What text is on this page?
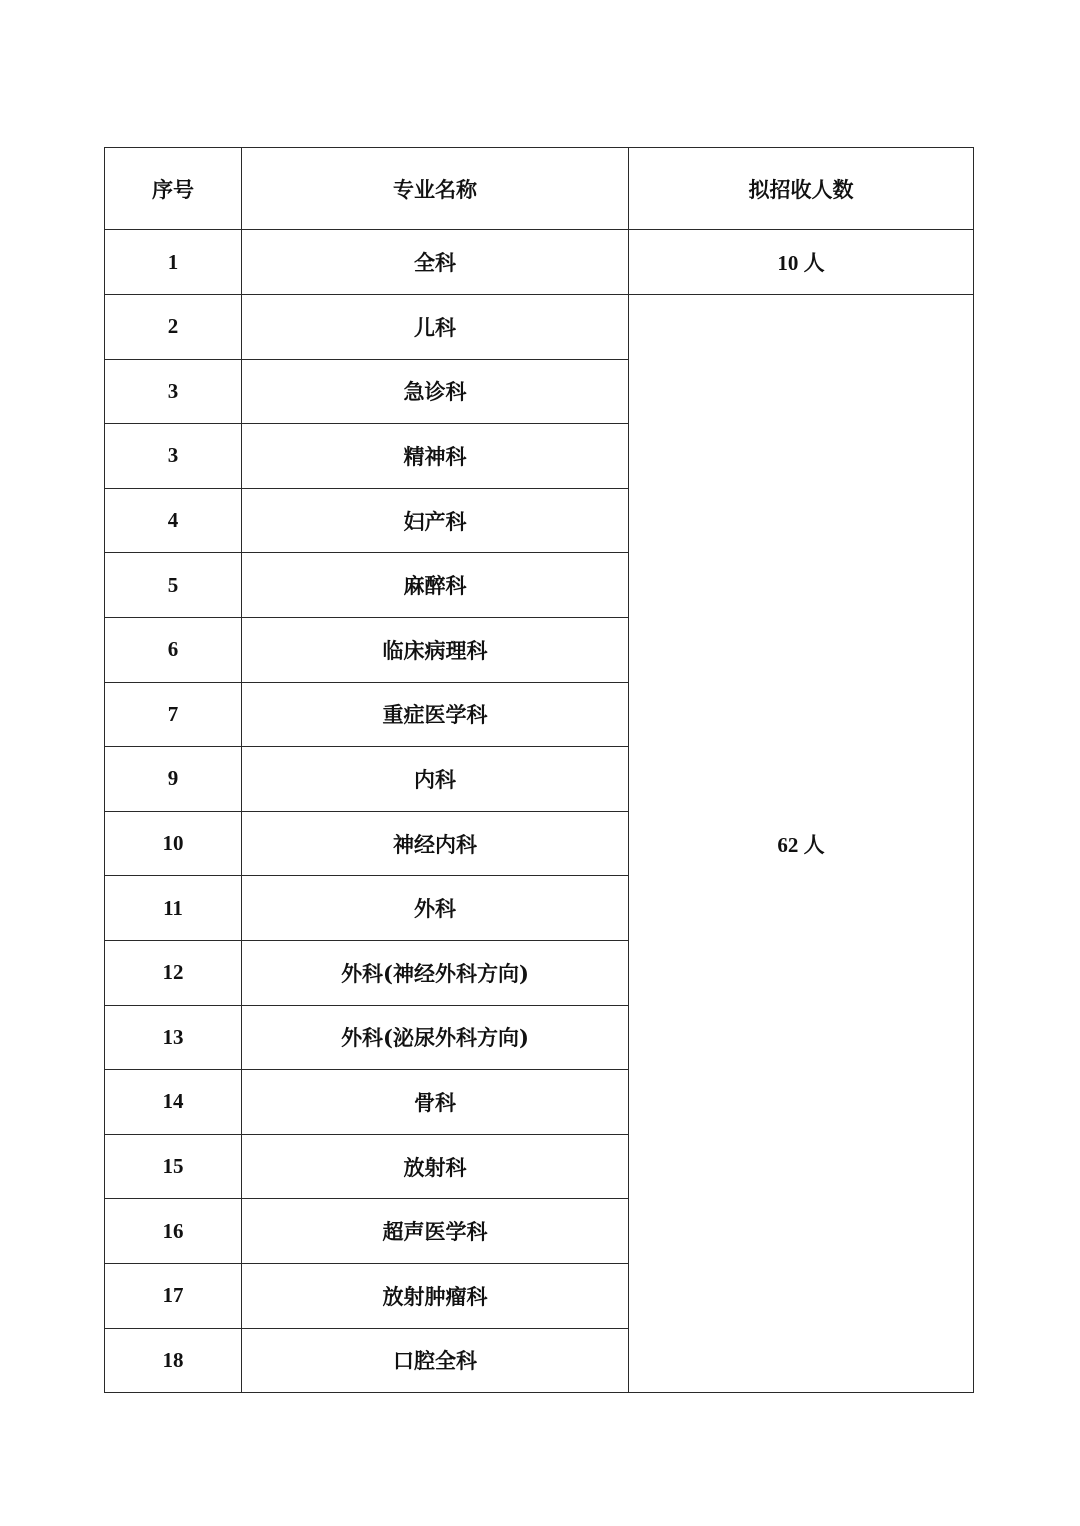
序号	专业名称	拟招收人数
1	全科	10 人
2	儿科	62 人
3	急诊科	
3	精神科	
4	妇产科	
5	麻醉科	
6	临床病理科	
7	重症医学科	
9	内科	
10	神经内科	
11	外科	
12	外科(神经外科方向)	
13	外科(泌尿外科方向)	
14	骨科	
15	放射科	
16	超声医学科	
17	放射肿瘤科	
18	口腔全科	
